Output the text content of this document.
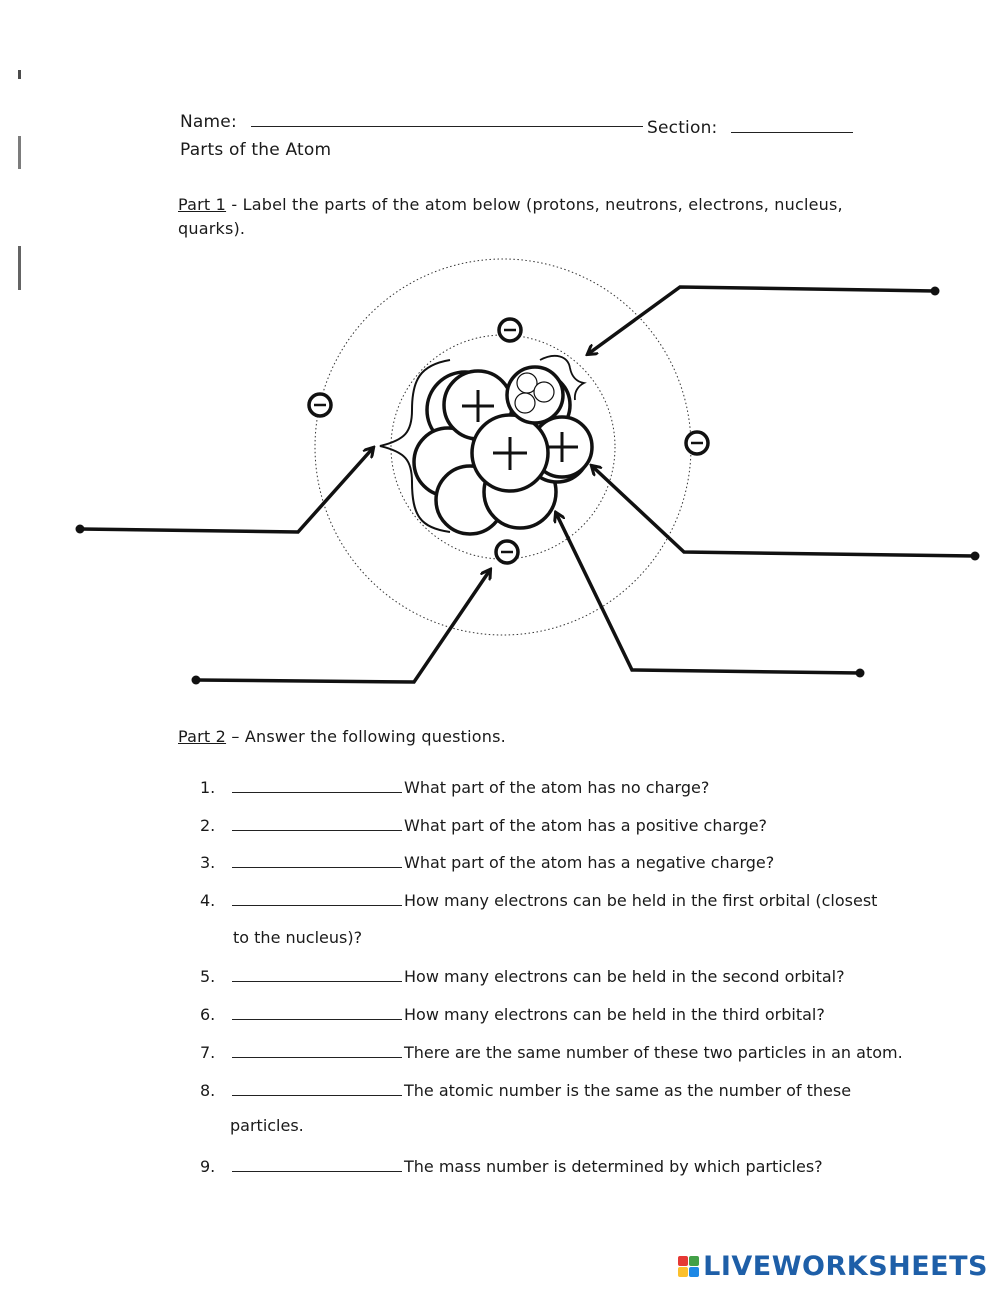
Name:	Section:
Parts of the Atom
Part 1 - Label the parts of the atom below (protons, neutrons, electrons, nucleus,
quarks).
Part 2 – Answer the following questions.
1.	What part of the atom has no charge?
2.	What part of the atom has a positive charge?
3.	What part of the atom has a negative charge?
4.	How many electrons can be held in the first orbital (closest
to the nucleus)?
5.	How many electrons can be held in the second orbital?
6.	How many electrons can be held in the third orbital?
7.	There are the same number of these two particles in an atom.
8.	The atomic number is the same as the number of these
particles.
9.	The mass number is determined by which particles?
LIVEWORKSHEETS
